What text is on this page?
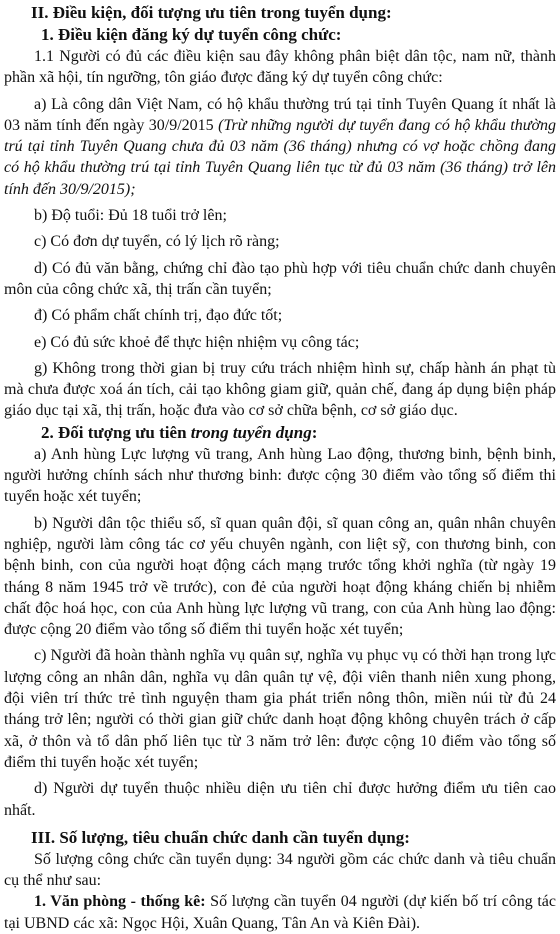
II. Điều kiện, đối tượng ưu tiên trong tuyển dụng:
1. Điều kiện đăng ký dự tuyển công chức:

1.1 Người có đủ các điều kiện sau đây không phân biệt dân tộc, nam nữ, thành phần xã hội, tín ngưỡng, tôn giáo được đăng ký dự tuyển công chức:

a) Là công dân Việt Nam, có hộ khẩu thường trú tại tỉnh Tuyên Quang ít nhất là 03 năm tính đến ngày 30/9/2015 (Trừ những người dự tuyển đang có hộ khẩu thường trú tại tỉnh Tuyên Quang chưa đủ 03 năm (36 tháng) nhưng có vợ hoặc chồng đang có hộ khẩu thường trú tại tỉnh Tuyên Quang liên tục từ đủ 03 năm (36 tháng) trở lên tính đến 30/9/2015);

b) Độ tuổi: Đủ 18 tuổi trở lên;

c) Có đơn dự tuyển, có lý lịch rõ ràng;

d) Có đủ văn bằng, chứng chỉ đào tạo phù hợp với tiêu chuẩn chức danh chuyên môn của công chức xã, thị trấn cần tuyển;

đ) Có phẩm chất chính trị, đạo đức tốt;

e) Có đủ sức khoẻ để thực hiện nhiệm vụ công tác;

g) Không trong thời gian bị truy cứu trách nhiệm hình sự, chấp hành án phạt tù mà chưa được xoá án tích, cải tạo không giam giữ, quản chế, đang áp dụng biện pháp giáo dục tại xã, thị trấn, hoặc đưa vào cơ sở chữa bệnh, cơ sở giáo dục.

2. Đối tượng ưu tiên trong tuyển dụng:

a) Anh hùng Lực lượng vũ trang, Anh hùng Lao động, thương binh, bệnh binh, người hưởng chính sách như thương binh: được cộng 30 điểm vào tổng số điểm thi tuyển hoặc xét tuyển;

b) Người dân tộc thiểu số, sĩ quan quân đội, sĩ quan công an, quân nhân chuyên nghiệp, người làm công tác cơ yếu chuyên ngành, con liệt sỹ, con thương binh, con bệnh binh, con của người hoạt động cách mạng trước tổng khởi nghĩa (từ ngày 19 tháng 8 năm 1945 trở về trước), con đẻ của người hoạt động kháng chiến bị nhiễm chất độc hoá học, con của Anh hùng lực lượng vũ trang, con của Anh hùng lao động: được cộng 20 điểm vào tổng số điểm thi tuyển hoặc xét tuyển;

c) Người đã hoàn thành nghĩa vụ quân sự, nghĩa vụ phục vụ có thời hạn trong lực lượng công an nhân dân, nghĩa vụ dân quân tự vệ, đội viên thanh niên xung phong, đội viên trí thức trẻ tình nguyện tham gia phát triển nông thôn, miền núi từ đủ 24 tháng trở lên; người có thời gian giữ chức danh hoạt động không chuyên trách ở cấp xã, ở thôn và tổ dân phố liên tục từ 3 năm trở lên: được cộng 10 điểm vào tổng số điểm thi tuyển hoặc xét tuyển;

d) Người dự tuyển thuộc nhiều diện ưu tiên chỉ được hưởng điểm ưu tiên cao nhất.

III. Số lượng, tiêu chuẩn chức danh cần tuyển dụng:

Số lượng công chức cần tuyển dụng: 34 người gồm các chức danh và tiêu chuẩn cụ thể như sau:

1. Văn phòng - thống kê: Số lượng cần tuyển 04 người (dự kiến bố trí công tác tại UBND các xã: Ngọc Hội, Xuân Quang, Tân An và Kiên Đài).
